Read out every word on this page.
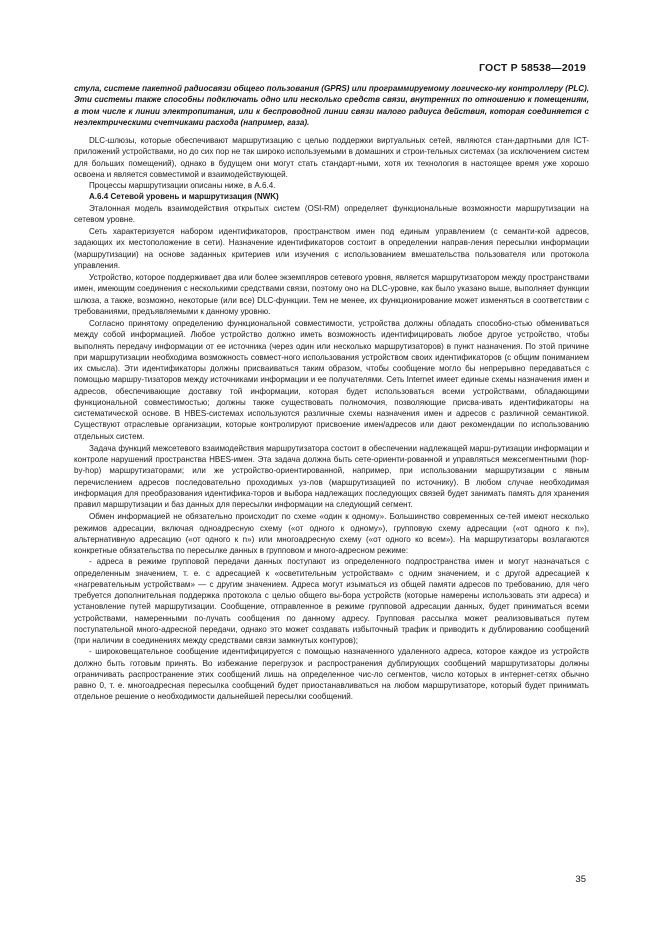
ГОСТ Р 58538—2019

стула, системе пакетной радиосвязи общего пользования (GPRS) или программируемому логическо-му контроллеру (PLC). Эти системы также способны подключать одно или несколько средств связи, внутренних по отношению к помещениям, в том числе к линии электропитания, или к беспроводной линии связи малого радиуса действия, которая соединяется с неэлектрическими счетчиками расхода (например, газа).

DLC-шлюзы, которые обеспечивают маршрутизацию с целью поддержки виртуальных сетей, являются стан-дартными для ICT-приложений устройствами, но до сих пор не так широко используемыми в домашних и строи-тельных системах (за исключением систем для больших помещений), однако в будущем они могут стать стандарт-ными, хотя их технология в настоящее время уже хорошо освоена и является совместимой и взаимодействующей.

Процессы маршрутизации описаны ниже, в А.6.4.

А.6.4 Сетевой уровень и маршрутизация (NWK)

Эталонная модель взаимодействия открытых систем (OSI-RM) определяет функциональные возможности маршрутизации на сетевом уровне.

Сеть характеризуется набором идентификаторов, пространством имен под единым управлением (с семанти-кой адресов, задающих их местоположение в сети). Назначение идентификаторов состоит в определении направ-ления пересылки информации (маршрутизации) на основе заданных критериев или изучения с использованием вмешательства пользователя или протокола управления.

Устройство, которое поддерживает два или более экземпляров сетевого уровня, является маршрутизатором между пространствами имен, имеющим соединения с несколькими средствами связи, поэтому оно на DLC-уровне, как было указано выше, выполняет функции шлюза, а также, возможно, некоторые (или все) DLC-функции. Тем не менее, их функционирование может изменяться в соответствии с требованиями, предъявляемыми к данному уровню.

Согласно принятому определению функциональной совместимости, устройства должны обладать способно-стью обмениваться между собой информацией. Любое устройство должно иметь возможность идентифицировать любое другое устройство, чтобы выполнять передачу информации от ее источника (через один или несколько маршрутизаторов) в пункт назначения. По этой причине при маршрутизации необходима возможность совмест-ного использования устройством своих идентификаторов (с общим пониманием их смысла). Эти идентификаторы должны присваиваться таким образом, чтобы сообщение могло бы непрерывно передаваться с помощью маршру-тизаторов между источниками информации и ее получателями. Сеть Internet имеет единые схемы назначения имен и адресов, обеспечивающие доставку той информации, которая будет использоваться всеми устройствами, обладающими функциональной совместимостью; должны также существовать полномочия, позволяющие присва-ивать идентификаторы на систематической основе. В HBES-системах используются различные схемы назначения имен и адресов с различной семантикой. Существуют отраслевые организации, которые контролируют присвоение имен/адресов или дают рекомендации по использованию отдельных систем.

Задача функций межсетевого взаимодействия маршрутизатора состоит в обеспечении надлежащей марш-рутизации информации и контроле нарушений пространства HBES-имен. Эта задача должна быть сете-ориенти-рованной и управляться межсегментными (hop-by-hop) маршрутизаторами; или же устройство-ориентированной, например, при использовании маршрутизации с явным перечислением адресов последовательно проходимых уз-лов (маршрутизацией по источнику). В любом случае необходимая информация для преобразования идентифика-торов и выбора надлежащих последующих связей будет занимать память для хранения правил маршрутизации и баз данных для пересылки информации на следующий сегмент.

Обмен информацией не обязательно происходит по схеме «один к одному». Большинство современных се-тей имеют несколько режимов адресации, включая одноадресную схему («от одного к одному»), групповую схему адресации («от одного к n»), альтернативную адресацию («от одного к n») или многоадресную схему («от одного ко всем»). На маршрутизаторы возлагаются конкретные обязательства по пересылке данных в групповом и много-адресном режиме:

- адреса в режиме групповой передачи данных поступают из определенного подпространства имен и могут назначаться с определенным значением, т. е. с адресацией к «осветительным устройствам» с одним значением, и с другой адресацией к «нагревательным устройствам» — с другим значением. Адреса могут изыматься из общей памяти адресов по требованию, для чего требуется дополнительная поддержка протокола с целью общего вы-бора устройств (которые намерены использовать эти адреса) и установление путей маршрутизации. Сообщение, отправленное в режиме групповой адресации данных, будет приниматься всеми устройствами, намеренными по-лучать сообщения по данному адресу. Групповая рассылка может реализовываться путем поступательной много-адресной передачи, однако это может создавать избыточный трафик и приводить к дублированию сообщений (при наличии в соединениях между средствами связи замкнутых контуров);

- широковещательное сообщение идентифицируется с помощью назначенного удаленного адреса, которое каждое из устройств должно быть готовым принять. Во избежание перегрузок и распространения дублирующих сообщений маршрутизаторы должны ограничивать распространение этих сообщений лишь на определенное чис-ло сегментов, число которых в интернет-сетях обычно равно 0, т. е. многоадресная пересылка сообщений будет приостанавливаться на любом маршрутизаторе, который будет принимать отдельное решение о необходимости дальнейшей пересылки сообщений.

35
